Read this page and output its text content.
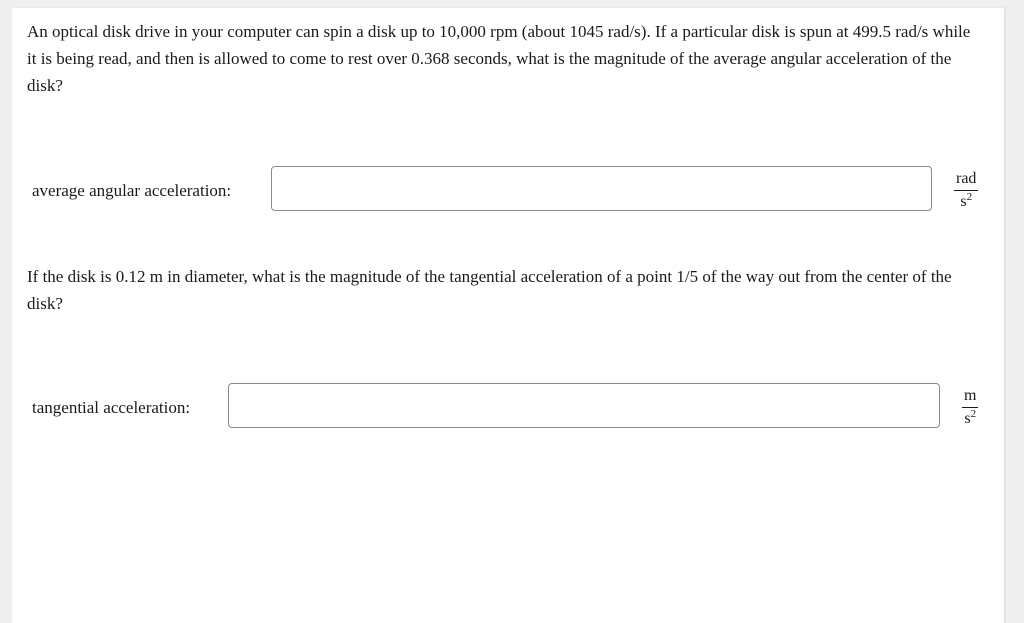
An optical disk drive in your computer can spin a disk up to 10,000 rpm (about 1045 rad/s). If a particular disk is spun at 499.5 rad/s while it is being read, and then is allowed to come to rest over 0.368 seconds, what is the magnitude of the average angular acceleration of the disk?
average angular acceleration:
rad
$s^2$
If the disk is 0.12 m in diameter, what is the magnitude of the tangential acceleration of a point 1/5 of the way out from the center of the disk?
tangential acceleration:	$\frac{m}{s^2}$
